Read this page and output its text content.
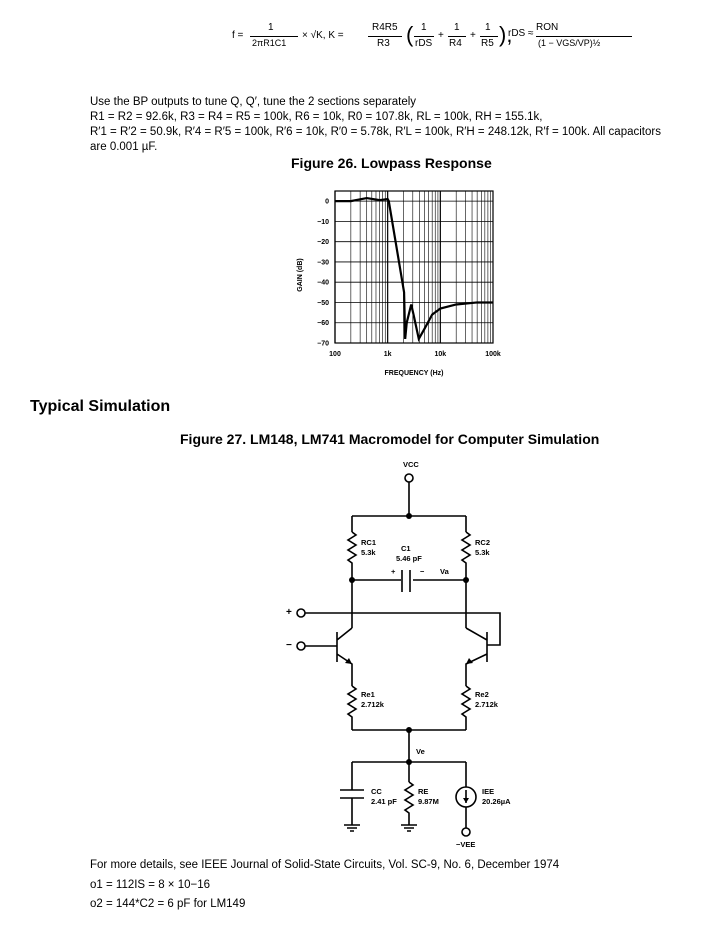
f =
1
2πR1C1
× √K, K =
R4R5
R3 ( 1
rDS
+
1
R4
+
1
R5 ),
rDS ≈
RON
(1 − VGS/VP)½
Use the BP outputs to tune Q, Q′, tune the 2 sections separately
R1 = R2 = 92.6k, R3 = R4 = R5 = 100k, R6 = 10k, R0 = 107.8k, RL = 100k, RH = 155.1k,
R′1 = R′2 = 50.9k, R′4 = R′5 = 100k, R′6 = 10k, R′0 = 5.78k, R′L = 100k, R′H = 248.12k, R′f = 100k. All capacitors
are 0.001 µF.
Figure 26. Lowpass Response
0
−10
−20
−30
−40
−50
−60
−70
100	1k	10k	100k
FREQUENCY (Hz)
GAIN (dB)
Typical Simulation
Figure 27. LM148, LM741 Macromodel for Computer Simulation
VCC
RC1
5.3k
RC2
5.3k
C1
5.46 pF
+	− Va
+
−
Re1
2.712k
Re2
2.712k
Ve
CC
2.41 pF
RE
9.87M
IEE
20.26µA
−VEE
For more details, see IEEE Journal of Solid-State Circuits, Vol. SC-9, No. 6, December 1974
o1 = 112IS = 8 × 10−16
o2 = 144*C2 = 6 pF for LM149
